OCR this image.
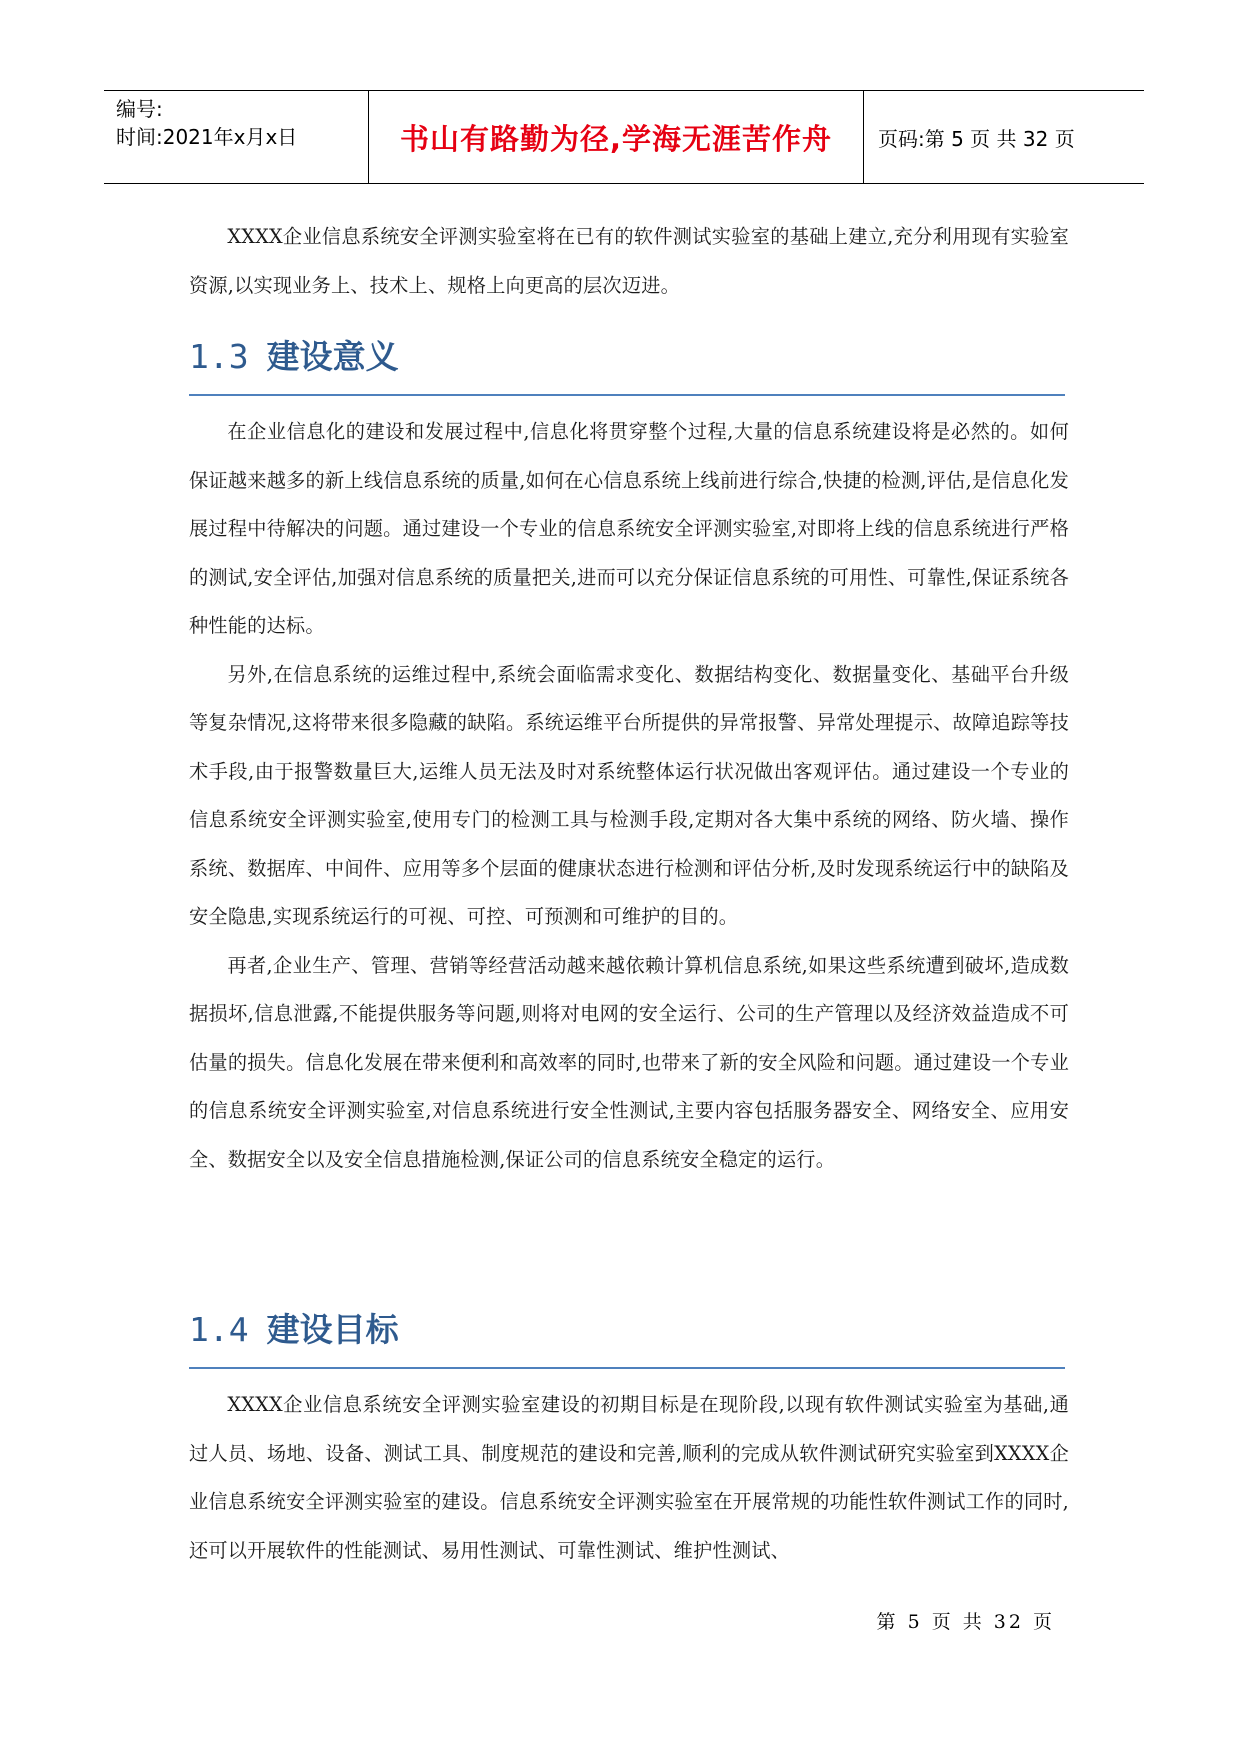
编号:
时间:2021年x月x日	书山有路勤为径,学海无涯苦作舟 页码:第 5 页 共 32 页

XXXX企业信息系统安全评测实验室将在已有的软件测试实验室的基础上建立,充分利用现有实验室资源,以实现业务上、技术上、规格上向更高的层次迈进。

1.3 建设意义

在企业信息化的建设和发展过程中,信息化将贯穿整个过程,大量的信息系统建设将是必然的。如何保证越来越多的新上线信息系统的质量,如何在心信息系统上线前进行综合,快捷的检测,评估,是信息化发展过程中待解决的问题。通过建设一个专业的信息系统安全评测实验室,对即将上线的信息系统进行严格的测试,安全评估,加强对信息系统的质量把关,进而可以充分保证信息系统的可用性、可靠性,保证系统各种性能的达标。

另外,在信息系统的运维过程中,系统会面临需求变化、数据结构变化、数据量变化、基础平台升级等复杂情况,这将带来很多隐藏的缺陷。系统运维平台所提供的异常报警、异常处理提示、故障追踪等技术手段,由于报警数量巨大,运维人员无法及时对系统整体运行状况做出客观评估。通过建设一个专业的信息系统安全评测实验室,使用专门的检测工具与检测手段,定期对各大集中系统的网络、防火墙、操作系统、数据库、中间件、应用等多个层面的健康状态进行检测和评估分析,及时发现系统运行中的缺陷及安全隐患,实现系统运行的可视、可控、可预测和可维护的目的。

再者,企业生产、管理、营销等经营活动越来越依赖计算机信息系统,如果这些系统遭到破坏,造成数据损坏,信息泄露,不能提供服务等问题,则将对电网的安全运行、公司的生产管理以及经济效益造成不可估量的损失。信息化发展在带来便利和高效率的同时,也带来了新的安全风险和问题。通过建设一个专业的信息系统安全评测实验室,对信息系统进行安全性测试,主要内容包括服务器安全、网络安全、应用安全、数据安全以及安全信息措施检测,保证公司的信息系统安全稳定的运行。

1.4 建设目标

XXXX企业信息系统安全评测实验室建设的初期目标是在现阶段,以现有软件测试实验室为基础,通过人员、场地、设备、测试工具、制度规范的建设和完善,顺利的完成从软件测试研究实验室到XXXX企业信息系统安全评测实验室的建设。信息系统安全评测实验室在开展常规的功能性软件测试工作的同时,还可以开展软件的性能测试、易用性测试、可靠性测试、维护性测试、

第 5 页 共 32 页
